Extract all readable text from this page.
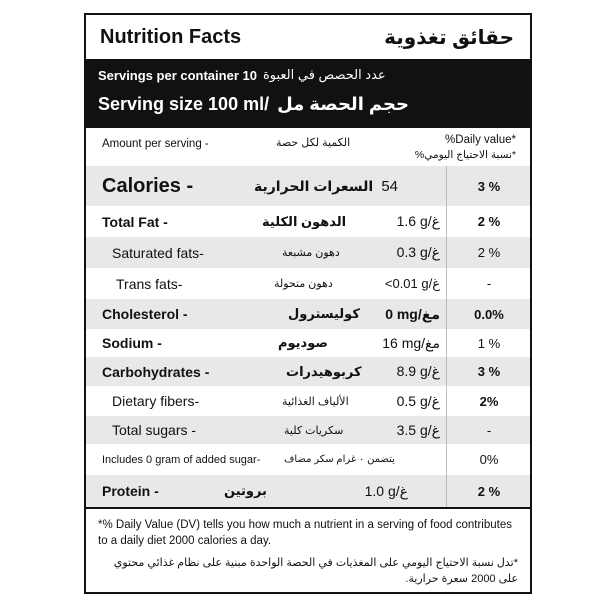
Nutrition Facts	حقائق تغذوية
Servings per container 10 عدد الحصص في العبوة
Serving size 100 ml/ حجم الحصة مل
Amount per serving -	الكمية لكل حصة	%Daily value*
*نسبة الاحتياج اليومي%
Calories -	السعرات الحرارية 54	3 %
Total Fat -	الدهون الكلية	1.6 g/غ	2 %
Saturated fats-	دهون مشبعة	0.3 g/غ	2 %
Trans fats-	دهون متحولة	<0.01 g/غ	-
Cholesterol -	كوليسترول	0 mg/مغ	0.0%
Sodium -	صوديوم	16 mg/مغ	1 %
Carbohydrates -	كربوهيدرات	8.9 g/غ	3 %
Dietary fibers-	الألياف الغذائية	0.5 g/غ	2%
Total sugars -	سكريات كلية	3.5 g/غ	-
Includes 0 gram of added sugar- يتضمن ٠ غرام سكر مضاف	0%
Protein -	بروتين	1.0 g/غ	2 %
*% Daily Value (DV) tells you how much a nutrient in a serving of food contributes to a daily diet 2000 calories a day.
*تدل نسبة الاحتياج اليومي على المغذيات في الحصة الواحدة مبنية على نظام غذائي محتوي على 2000 سعرة حرارية.
